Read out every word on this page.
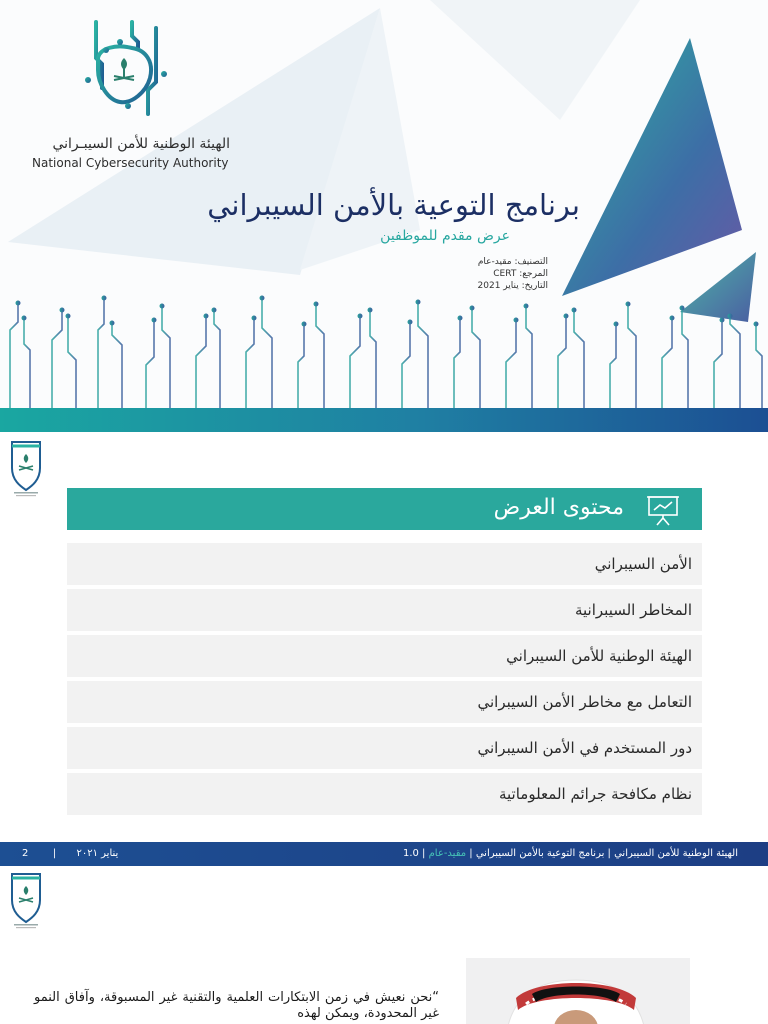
الهيئة الوطنية للأمن السيبـراني
National Cybersecurity Authority
برنامج التوعية بالأمن السيبراني
عرض مقدم للموظفين
التصنيف: مقيد-عام
المرجع: CERT
التاريخ: يناير 2021
محتوى العرض
الأمن السيبراني
المخاطر السيبرانية
الهيئة الوطنية للأمن السيبراني
التعامل مع مخاطر الأمن السيبراني
دور المستخدم في الأمن السيبراني
نظام مكافحة جرائم المعلوماتية
2 | يناير ٢٠٢١	الهيئة الوطنية للأمن السيبراني | برنامج التوعية بالأمن السيبراني | مقيد-عام | 1.0

“نحن نعيش في زمن الابتكارات العلمية والتقنية غير المسبوقة، وآفاق النمو غير المحدودة، ويمكن لهذه
